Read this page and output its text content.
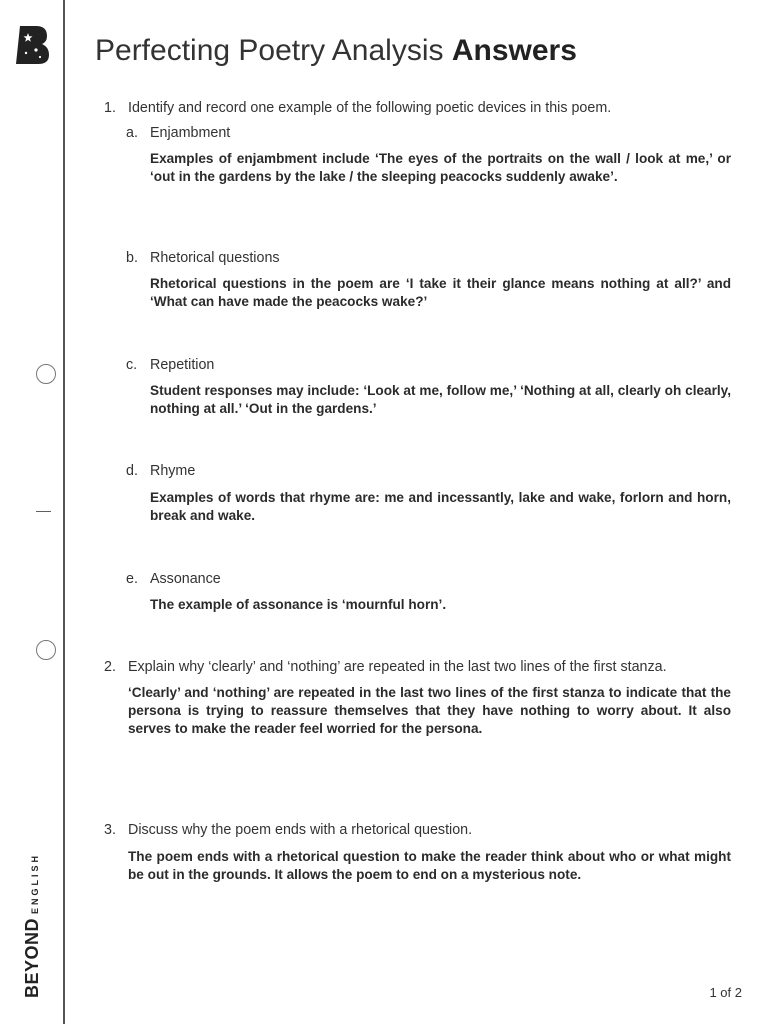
BEYONDENGLISH
Perfecting Poetry Analysis Answers
1. Identify and record one example of the following poetic devices in this poem.
a. Enjambment
Examples of enjambment include ‘The eyes of the portraits on the wall / look at me,’ or ‘out in the gardens by the lake / the sleeping peacocks suddenly awake’.
b. Rhetorical questions
Rhetorical questions in the poem are ‘I take it their glance means nothing at all?’ and ‘What can have made the peacocks wake?’
c. Repetition
Student responses may include: ‘Look at me, follow me,’ ‘Nothing at all, clearly oh clearly, nothing at all.’ ‘Out in the gardens.’
d. Rhyme
Examples of words that rhyme are: me and incessantly, lake and wake, forlorn and horn, break and wake.
e. Assonance
The example of assonance is ‘mournful horn’.
2. Explain why ‘clearly’ and ‘nothing’ are repeated in the last two lines of the first stanza.
‘Clearly’ and ‘nothing’ are repeated in the last two lines of the first stanza to indicate that the persona is trying to reassure themselves that they have nothing to worry about. It also serves to make the reader feel worried for the persona.
3. Discuss why the poem ends with a rhetorical question.
The poem ends with a rhetorical question to make the reader think about who or what might be out in the grounds. It allows the poem to end on a mysterious note.
1 of 2
